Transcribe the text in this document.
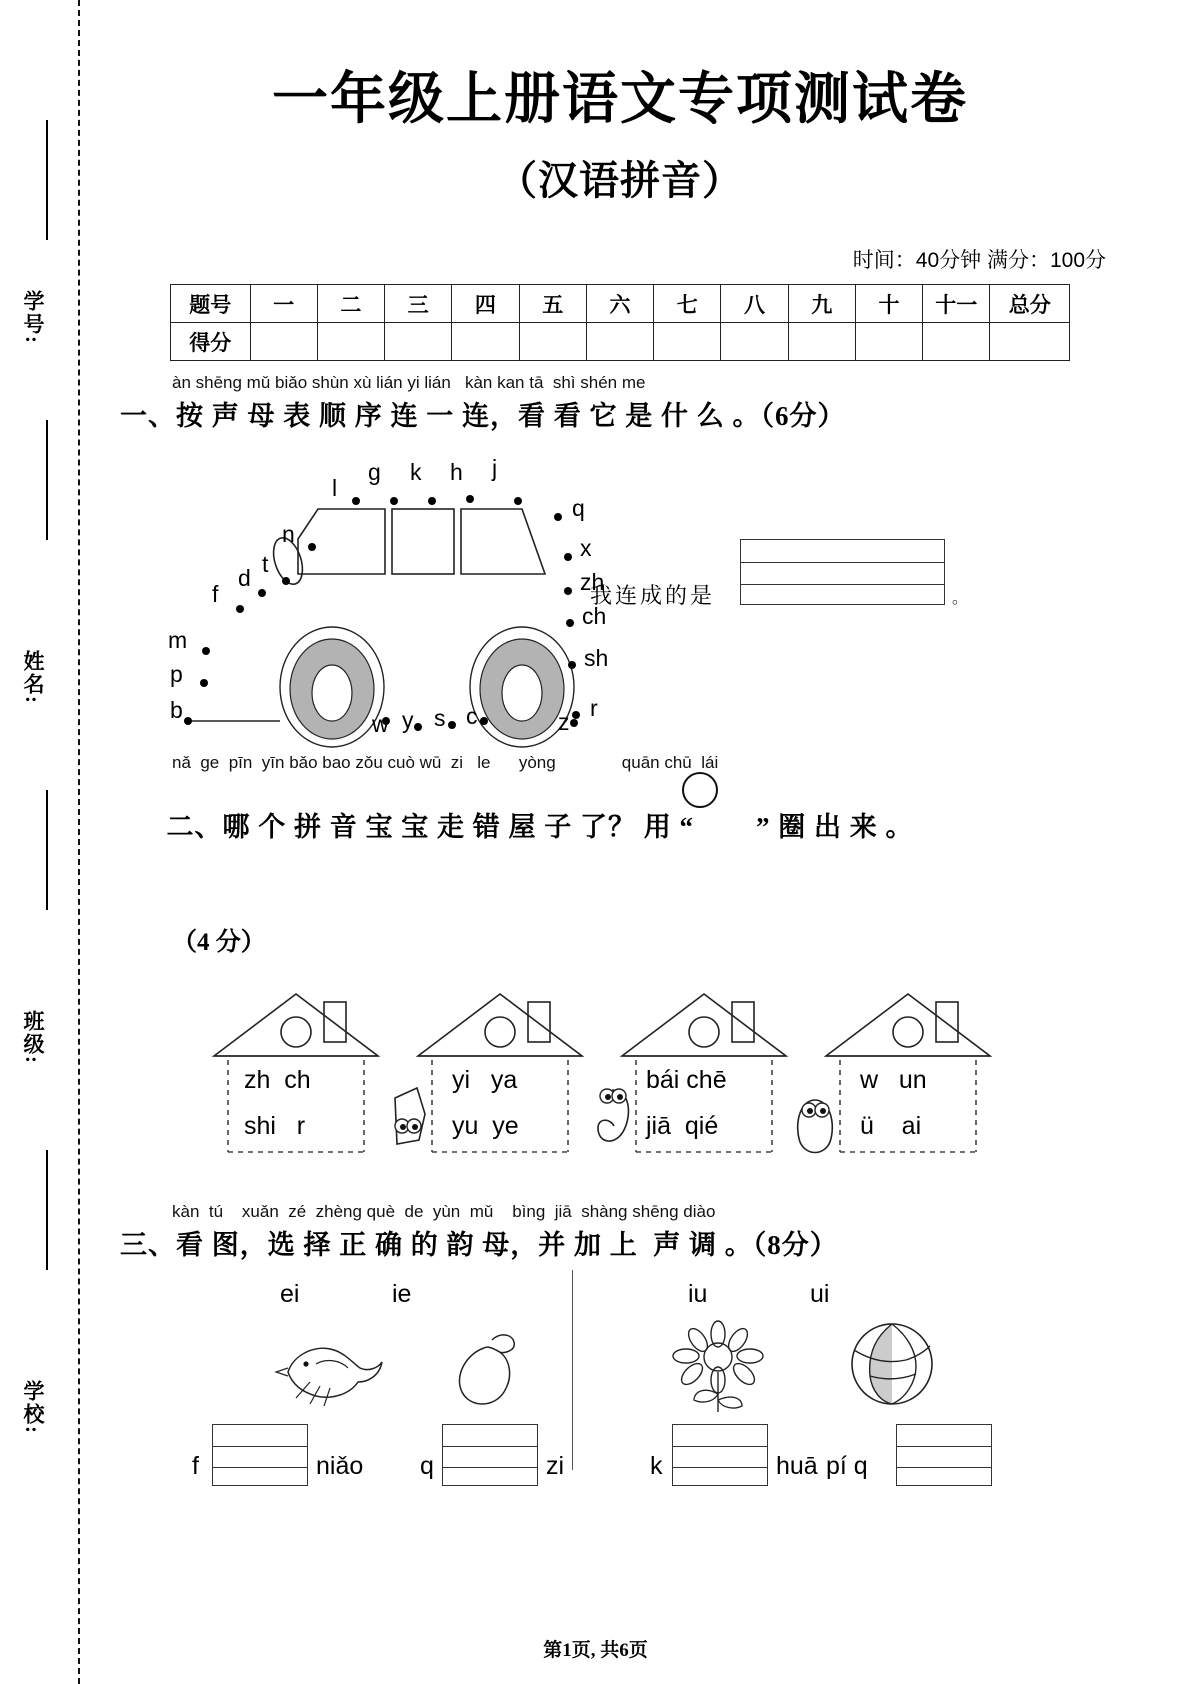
学号:
姓名:
班级:
学校:
一年级上册语文专项测试卷
（汉语拼音）
时间：40分钟 满分：100分
题号	一	二	三	四	五	六	七	八	九	十	十一	总分
得分												
àn shēng mǔ biǎo shùn xù lián yi lián   kàn kan tā  shì shén me
一、按 声 母 表 顺 序 连 一 连，看 看 它 是 什 么 。（6分）
l
g k h j
q
x
zh
ch
sh
r
n
t
d
f
m
p
b
w y s c	z
我连成的是	。
nǎ  ge  pīn  yīn bǎo bao zǒu cuò wū  zi   le      yòng              quān chū  lái

二、哪 个 拼 音 宝 宝 走 错 屋 子 了？ 用 “        ” 圈 出 来 。

（4 分）
zh  ch
shi   r
yi   ya
yu  ye
bái chē
jiā  qié
w   un
ü    ai
kàn  tú    xuǎn  zé  zhèng què  de  yùn  mǔ    bìng  jiā  shàng shēng diào
三、看 图，选 择 正 确 的 韵 母，并 加 上  声 调 。（8分）
ei	ie	iu	ui
f	niǎo q	zi	k	huā pí q
第1页, 共6页
